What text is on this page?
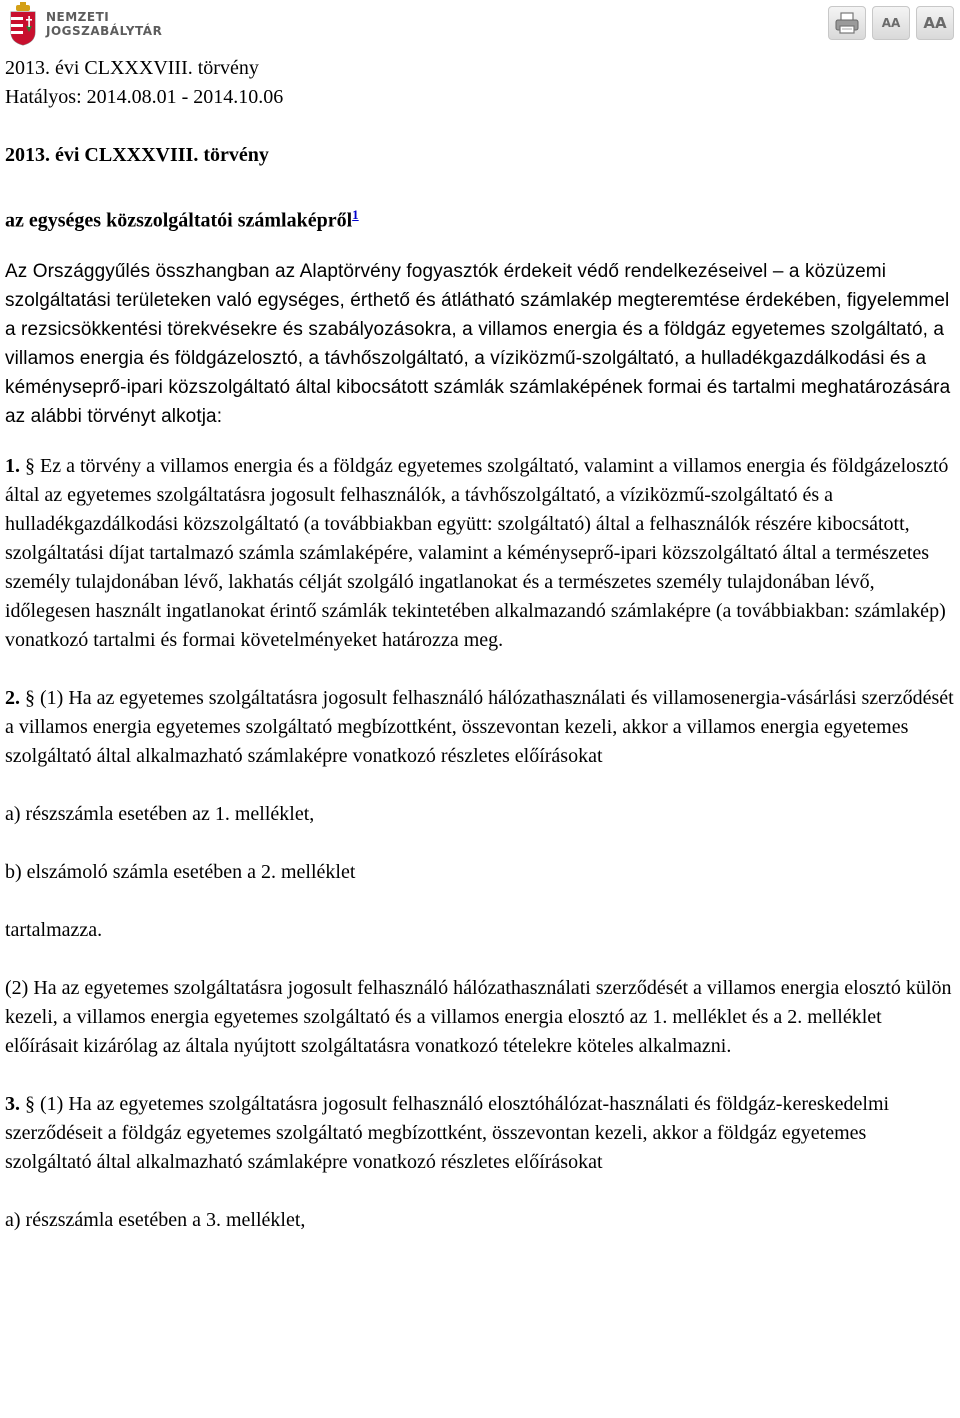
NEMZETI
JOGSZABÁLYTÁR
AA AA

2013. évi CLXXXVIII. törvény

Hatályos: 2014.08.01 - 2014.10.06

2013. évi CLXXXVIII. törvény

az egységes közszolgáltatói számlaképről$^1$

Az Országgyűlés összhangban az Alaptörvény fogyasztók érdekeit védő rendelkezéseivel – a közüzemi szolgáltatási területeken való egységes, érthető és átlátható számlakép megteremtése érdekében, figyelemmel a rezsicsökkentési törekvésekre és szabályozásokra, a villamos energia és a földgáz egyetemes szolgáltató, a villamos energia és földgázelosztó, a távhőszolgáltató, a víziközmű-szolgáltató, a hulladékgazdálkodási és a kéményseprő-ipari közszolgáltató által kibocsátott számlák számlaképének formai és tartalmi meghatározására az alábbi törvényt alkotja:

1. § Ez a törvény a villamos energia és a földgáz egyetemes szolgáltató, valamint a villamos energia és földgázelosztó által az egyetemes szolgáltatásra jogosult felhasználók, a távhőszolgáltató, a víziközmű-szolgáltató és a hulladékgazdálkodási közszolgáltató (a továbbiakban együtt: szolgáltató) által a felhasználók részére kibocsátott, szolgáltatási díjat tartalmazó számla számlaképére, valamint a kéményseprő-ipari közszolgáltató által a természetes személy tulajdonában lévő, lakhatás célját szolgáló ingatlanokat és a természetes személy tulajdonában lévő, időlegesen használt ingatlanokat érintő számlák tekintetében alkalmazandó számlaképre (a továbbiakban: számlakép) vonatkozó tartalmi és formai követelményeket határozza meg.

2. § (1) Ha az egyetemes szolgáltatásra jogosult felhasználó hálózathasználati és villamosenergia-vásárlási szerződését a villamos energia egyetemes szolgáltató megbízottként, összevontan kezeli, akkor a villamos energia egyetemes szolgáltató által alkalmazható számlaképre vonatkozó részletes előírásokat

a) részszámla esetében az 1. melléklet,

b) elszámoló számla esetében a 2. melléklet

tartalmazza.

(2) Ha az egyetemes szolgáltatásra jogosult felhasználó hálózathasználati szerződését a villamos energia elosztó külön kezeli, a villamos energia egyetemes szolgáltató és a villamos energia elosztó az 1. melléklet és a 2. melléklet előírásait kizárólag az általa nyújtott szolgáltatásra vonatkozó tételekre köteles alkalmazni.

3. § (1) Ha az egyetemes szolgáltatásra jogosult felhasználó elosztóhálózat-használati és földgáz-kereskedelmi szerződéseit a földgáz egyetemes szolgáltató megbízottként, összevontan kezeli, akkor a földgáz egyetemes szolgáltató által alkalmazható számlaképre vonatkozó részletes előírásokat

a) részszámla esetében a 3. melléklet,
